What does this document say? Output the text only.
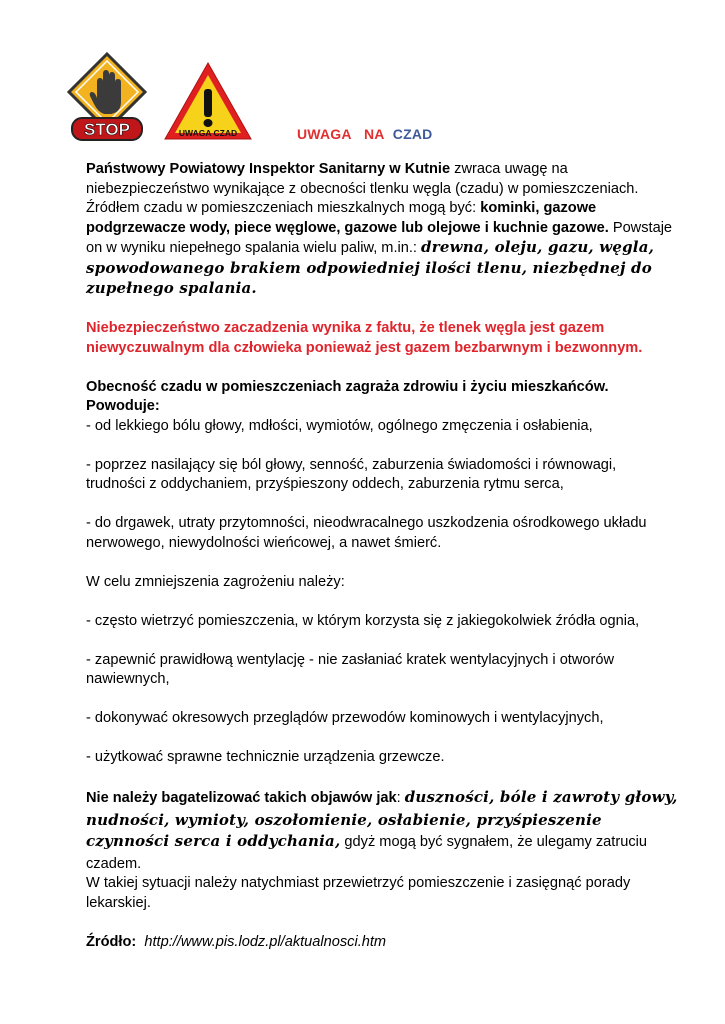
STOP	UWAGA CZAD	UWAGA NA CZAD

Państwowy Powiatowy Inspektor Sanitarny w Kutnie zwraca uwagę na niebezpieczeństwo wynikające z obecności tlenku węgla (czadu) w pomieszczeniach. Źródłem czadu w pomieszczeniach mieszkalnych mogą być: kominki, gazowe podgrzewacze wody, piece węglowe, gazowe lub olejowe i kuchnie gazowe. Powstaje on w wyniku niepełnego spalania wielu paliw, m.in.: drewna, oleju, gazu, węgla, spowodowanego brakiem odpowiedniej ilości tlenu, niezbędnej do zupełnego spalania.

Niebezpieczeństwo zaczadzenia wynika z faktu, że tlenek węgla jest gazem niewyczuwalnym dla człowieka ponieważ jest gazem bezbarwnym i bezwonnym.

Obecność czadu w pomieszczeniach zagraża zdrowiu i życiu mieszkańców.

Powoduje:

- od lekkiego bólu głowy, mdłości, wymiotów, ogólnego zmęczenia i osłabienia,

- poprzez nasilający się ból głowy, senność, zaburzenia świadomości i równowagi, trudności z oddychaniem, przyśpieszony oddech, zaburzenia rytmu serca,

- do drgawek, utraty przytomności, nieodwracalnego uszkodzenia ośrodkowego układu nerwowego, niewydolności wieńcowej, a nawet śmierć.

W celu zmniejszenia zagrożeniu należy:

- często wietrzyć pomieszczenia, w którym korzysta się z jakiegokolwiek źródła ognia,

- zapewnić prawidłową wentylację - nie zasłaniać kratek wentylacyjnych i otworów nawiewnych,

- dokonywać okresowych przeglądów przewodów kominowych i wentylacyjnych,

- użytkować sprawne technicznie urządzenia grzewcze.

Nie należy bagatelizować takich objawów jak: duszności, bóle i zawroty głowy, nudności, wymioty, oszołomienie, osłabienie, przyśpieszenie czynności serca i oddychania, gdyż mogą być sygnałem, że ulegamy zatruciu czadem.

W takiej sytuacji należy natychmiast przewietrzyć pomieszczenie i zasięgnąć porady lekarskiej.

Źródło: http://www.pis.lodz.pl/aktualnosci.htm
